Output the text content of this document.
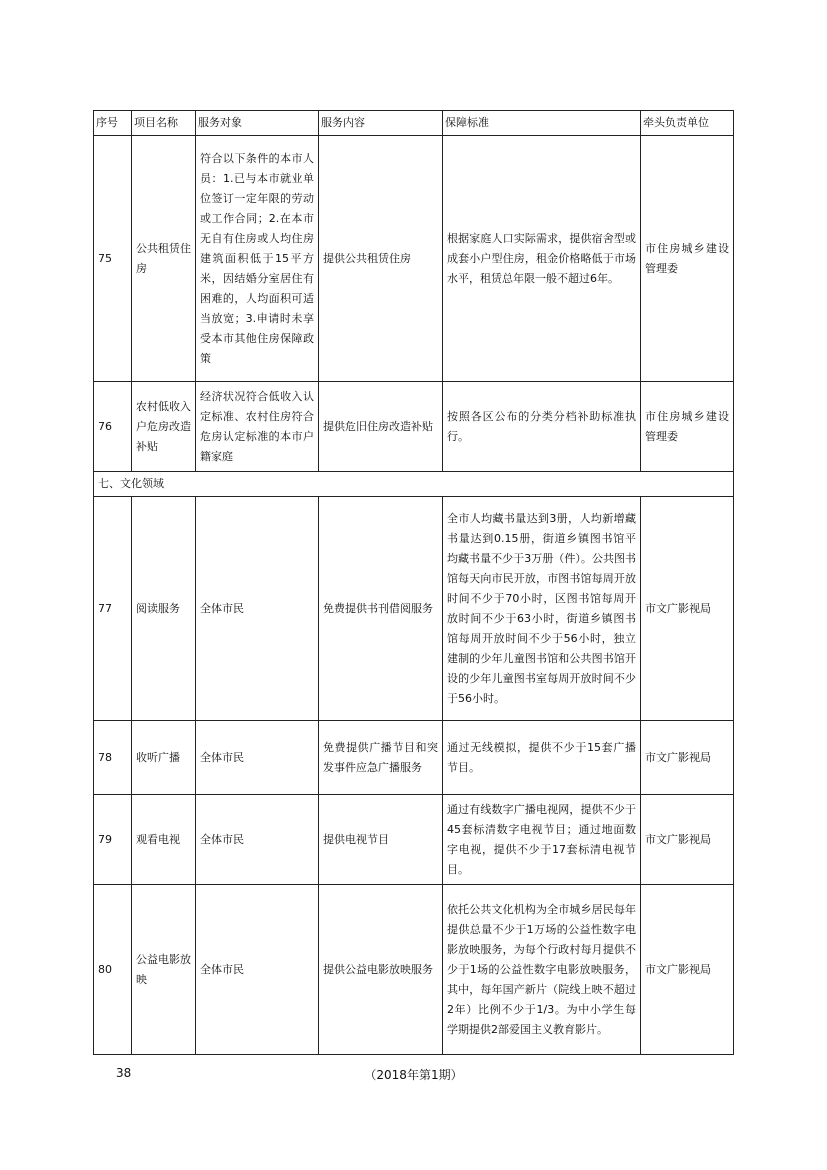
序号	项目名称	服务对象	服务内容	保障标准	牵头负责单位
75	公共租赁住房	符合以下条件的本市人员：1.已与本市就业单位签订一定年限的劳动或工作合同；2.在本市无自有住房或人均住房建筑面积低于15平方米，因结婚分室居住有困难的，人均面积可适当放宽；3.申请时未享受本市其他住房保障政策	提供公共租赁住房	根据家庭人口实际需求，提供宿舍型或成套小户型住房，租金价格略低于市场水平，租赁总年限一般不超过6年。	市住房城乡建设管理委
76	农村低收入户危房改造补贴	经济状况符合低收入认定标准、农村住房符合危房认定标准的本市户籍家庭	提供危旧住房改造补贴	按照各区公布的分类分档补助标准执行。	市住房城乡建设管理委
七、文化领域					
77	阅读服务	全体市民	免费提供书刊借阅服务	全市人均藏书量达到3册，人均新增藏书量达到0.15册，街道乡镇图书馆平均藏书量不少于3万册（件）。公共图书馆每天向市民开放，市图书馆每周开放时间不少于70小时，区图书馆每周开放时间不少于63小时，街道乡镇图书馆每周开放时间不少于56小时，独立建制的少年儿童图书馆和公共图书馆开设的少年儿童图书室每周开放时间不少于56小时。	市文广影视局
78	收听广播	全体市民	免费提供广播节目和突发事件应急广播服务	通过无线模拟，提供不少于15套广播节目。	市文广影视局
79	观看电视	全体市民	提供电视节目	通过有线数字广播电视网，提供不少于45套标清数字电视节目；通过地面数字电视，提供不少于17套标清电视节目。	市文广影视局
80	公益电影放映	全体市民	提供公益电影放映服务	依托公共文化机构为全市城乡居民每年提供总量不少于1万场的公益性数字电影放映服务，为每个行政村每月提供不少于1场的公益性数字电影放映服务，其中，每年国产新片（院线上映不超过2年）比例不少于1/3。为中小学生每学期提供2部爱国主义教育影片。	市文广影视局
（2018年第1期）
38
